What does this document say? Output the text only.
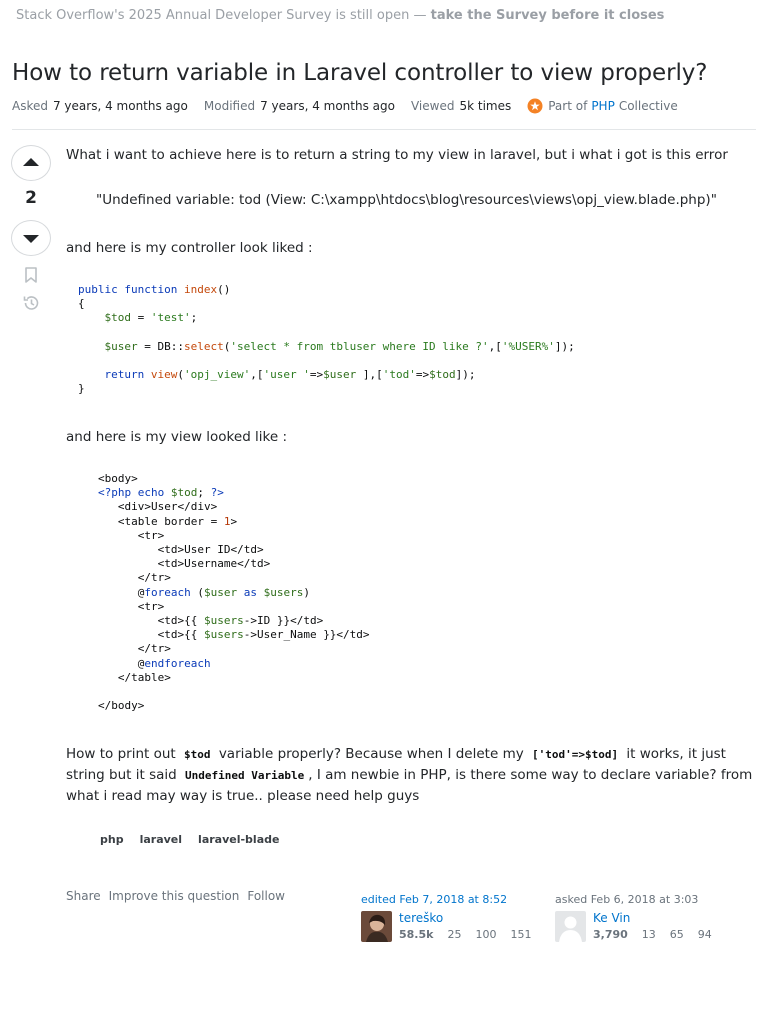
Stack Overflow's 2025 Annual Developer Survey is still open — take the Survey before it closes
How to return variable in Laravel controller to view properly?
Asked 7 years, 4 months ago Modified 7 years, 4 months ago Viewed 5k times	Part of PHP Collective
2

What i want to achieve here is to return a string to my view in laravel, but i what i got is this error

"Undefined variable: tod (View: C:\xampp\htdocs\blog\resources\views\opj_view.blade.php)"

and here is my controller look liked :

public function index()
{
$tod = 'test';

$user = DB::select('select * from tbluser where ID like ?',['%USER%']);

return view('opj_view',['user '=>$user ],['tod'=>$tod]);
}

and here is my view looked like :

<body>
<?php echo $tod; ?>
<div>User</div>
<table border = 1>
<tr>
<td>User ID</td>
<td>Username</td>
</tr>
@foreach ($user as $users)
<tr>
<td>{{ $users->ID }}</td>
<td>{{ $users->User_Name }}</td>
</tr>
@endforeach
</table>

</body>

How to print out $tod variable properly? Because when I delete my ['tod'=>$tod] it works, it just string but it said Undefined Variable , I am newbie in PHP, is there some way to declare variable? from what i read may way is true.. please need help guys

php	laravel	laravel-blade
Share Improve this question Follow	edited Feb 7, 2018 at 8:52
tereško
58.5k 25 100 151
asked Feb 6, 2018 at 3:03
Ke Vin
3,790 13 65 94
